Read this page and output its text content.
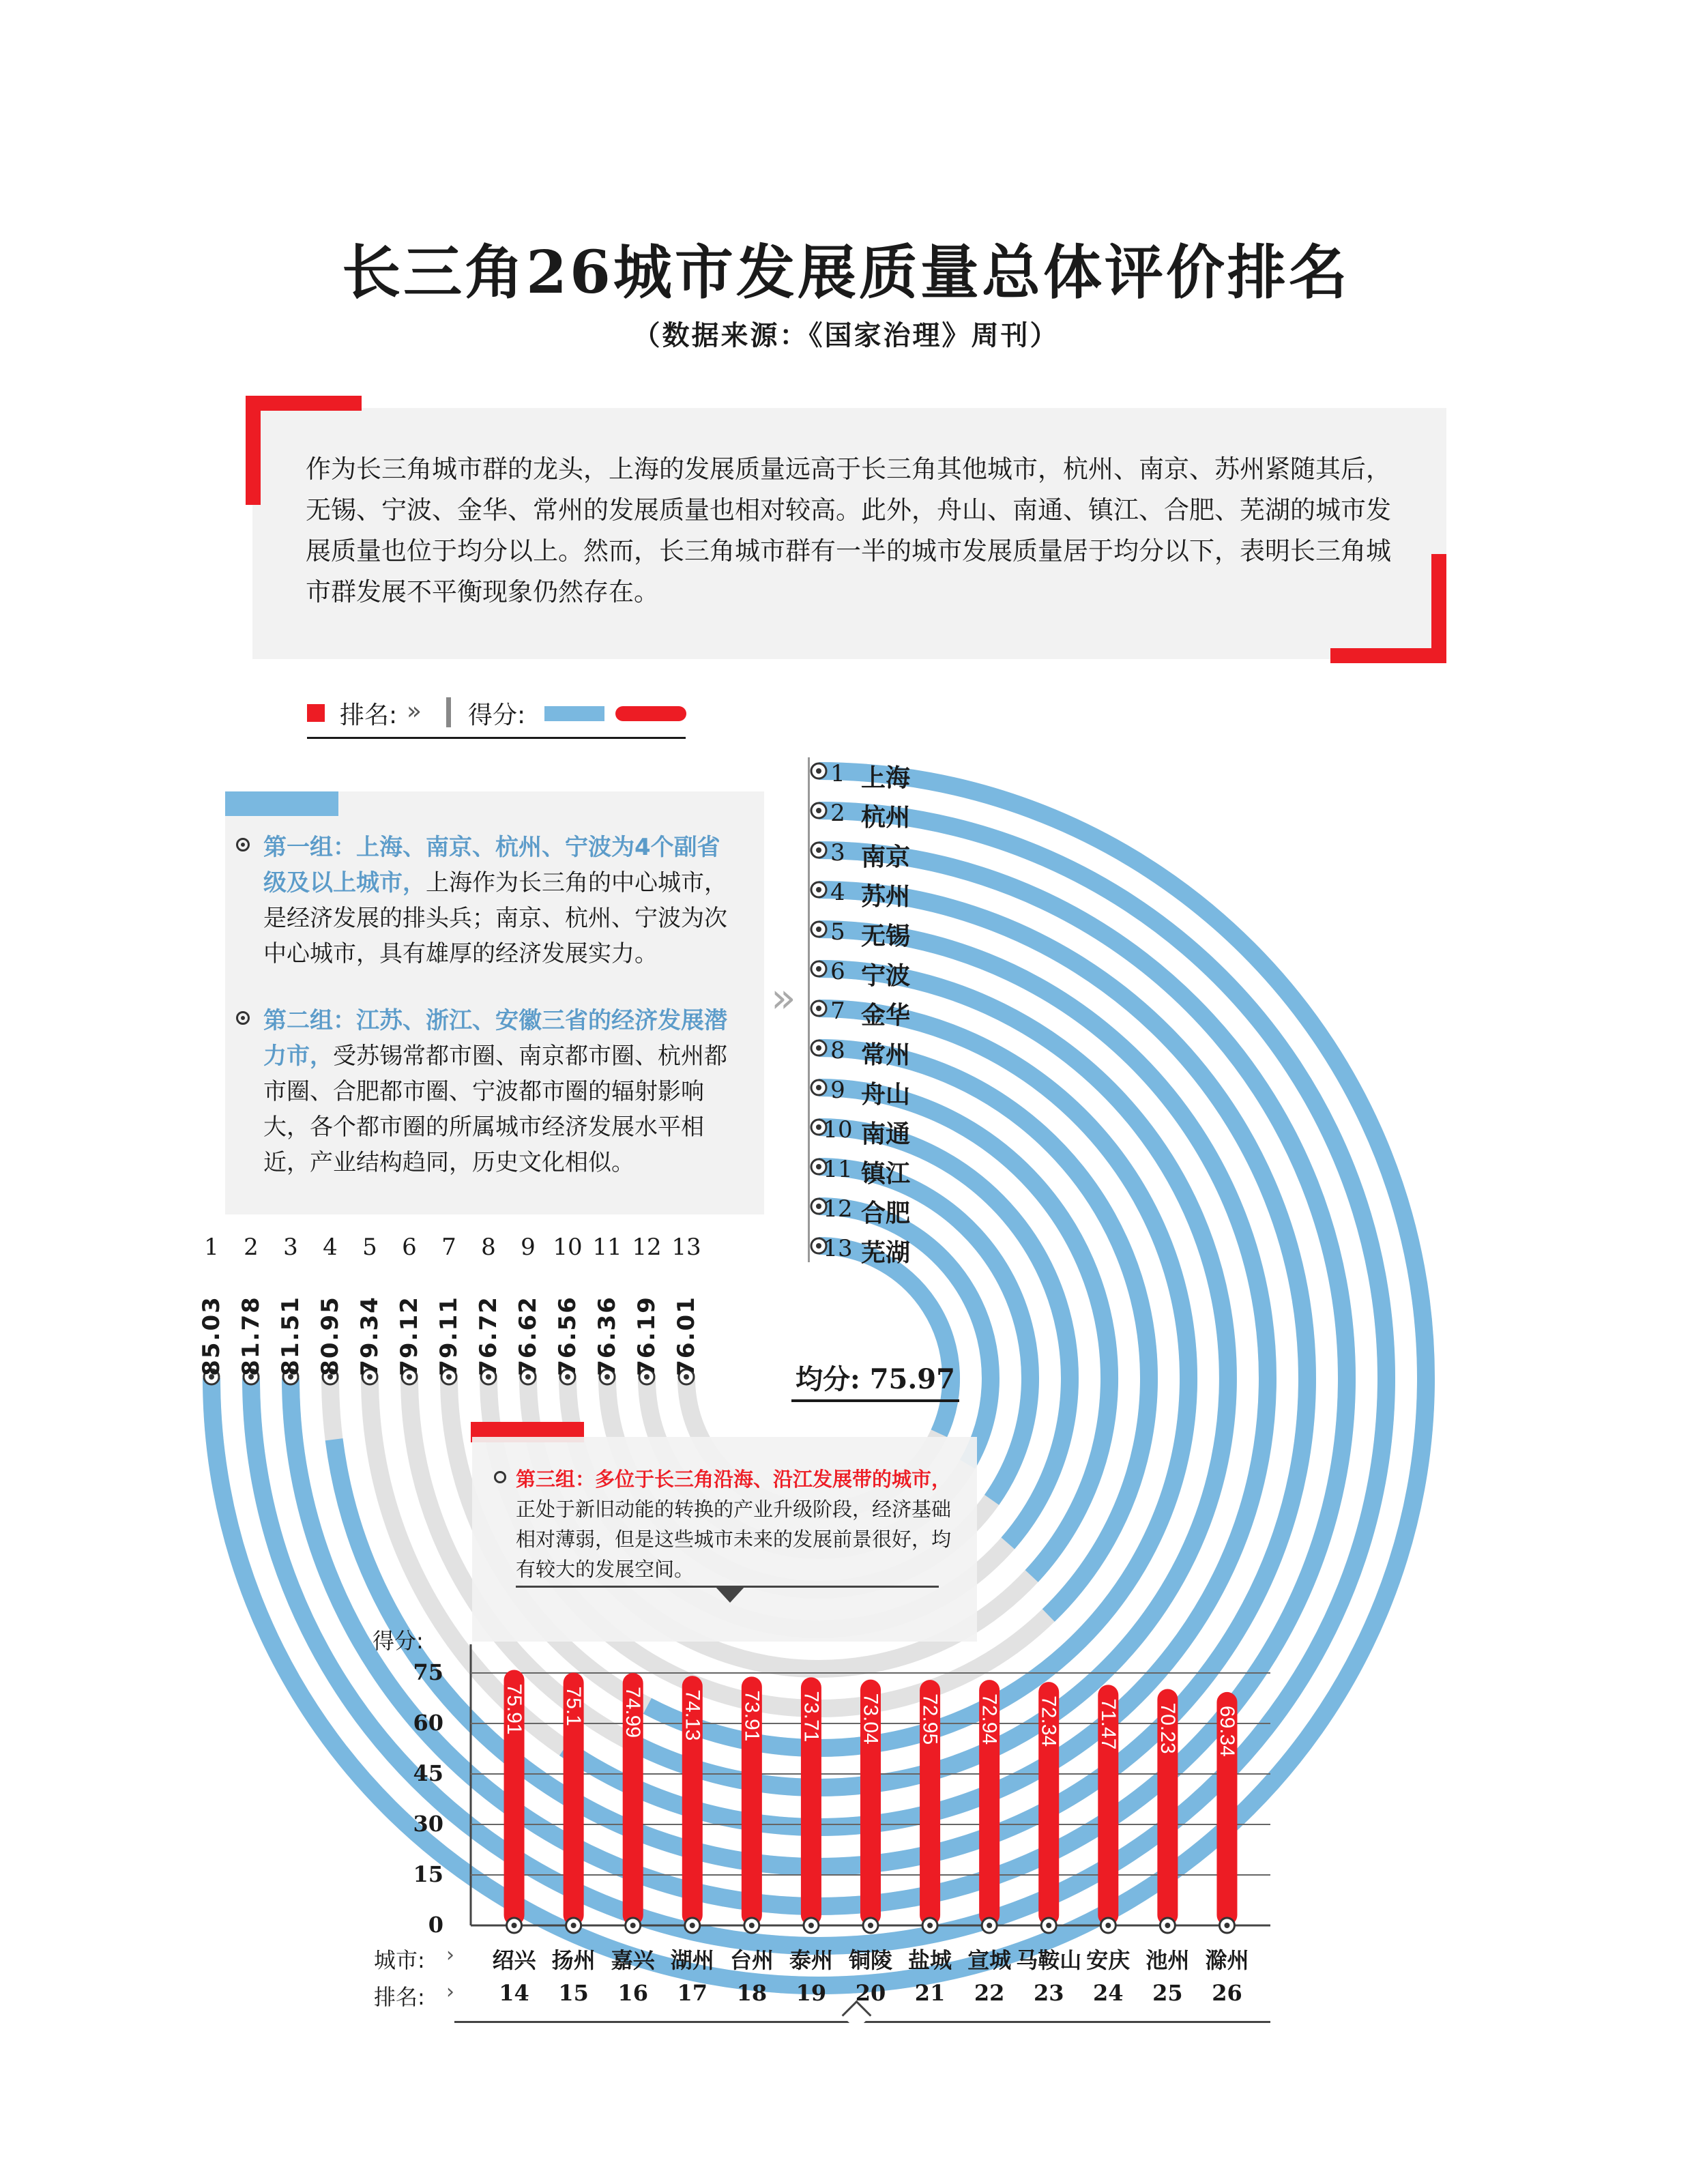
长三角26城市发展质量总体评价排名
（数据来源：《国家治理》周刊）
作为长三角城市群的龙头，上海的发展质量远高于长三角其他城市，杭州、南京、苏州紧随其后，无锡、宁波、金华、常州的发展质量也相对较高。此外，舟山、南通、镇江、合肥、芜湖的城市发展质量也位于均分以上。然而，长三角城市群有一半的城市发展质量居于均分以下，表明长三角城市群发展不平衡现象仍然存在。
排名: » 得分:
第一组：上海、南京、杭州、宁波为4个副省级及以上城市，上海作为长三角的中心城市，是经济发展的排头兵；南京、杭州、宁波为次中心城市，具有雄厚的经济发展实力。
第二组：江苏、浙江、安徽三省的经济发展潜力市，受苏锡常都市圈、南京都市圈、杭州都市圈、合肥都市圈、宁波都市圈的辐射影响大，各个都市圈的所属城市经济发展水平相近，产业结构趋同，历史文化相似。
»
1 上海
2 杭州
3 南京
4 苏州
5 无锡
6 宁波
7 金华
8 常州
9 舟山
10 南通
11 镇江
12 合肥
13 芜湖
1
85.03
2
81.78
3
81.51
4
80.95
5
79.34
6
79.12
7
79.11
8
76.72
9
76.62
10
76.56
11
76.36
12
76.19
13
76.01
均分: 75.97
第三组：多位于长三角沿海、沿江发展带的城市，正处于新旧动能的转换的产业升级阶段，经济基础相对薄弱，但是这些城市未来的发展前景很好，均有较大的发展空间。
75.91 75.1 74.99 74.13 73.91 73.71 73.04 72.95 72.94 72.34 71.47 70.23 69.34
75
60
45
30
15
0
绍兴
14
扬州
15
嘉兴
16
湖州
17
台州
18
泰州
19
铜陵
20
盐城
21
宣城
22
马鞍山
23
安庆
24
池州
25
滁州
26
得分:
城市: ›
排名: ›
